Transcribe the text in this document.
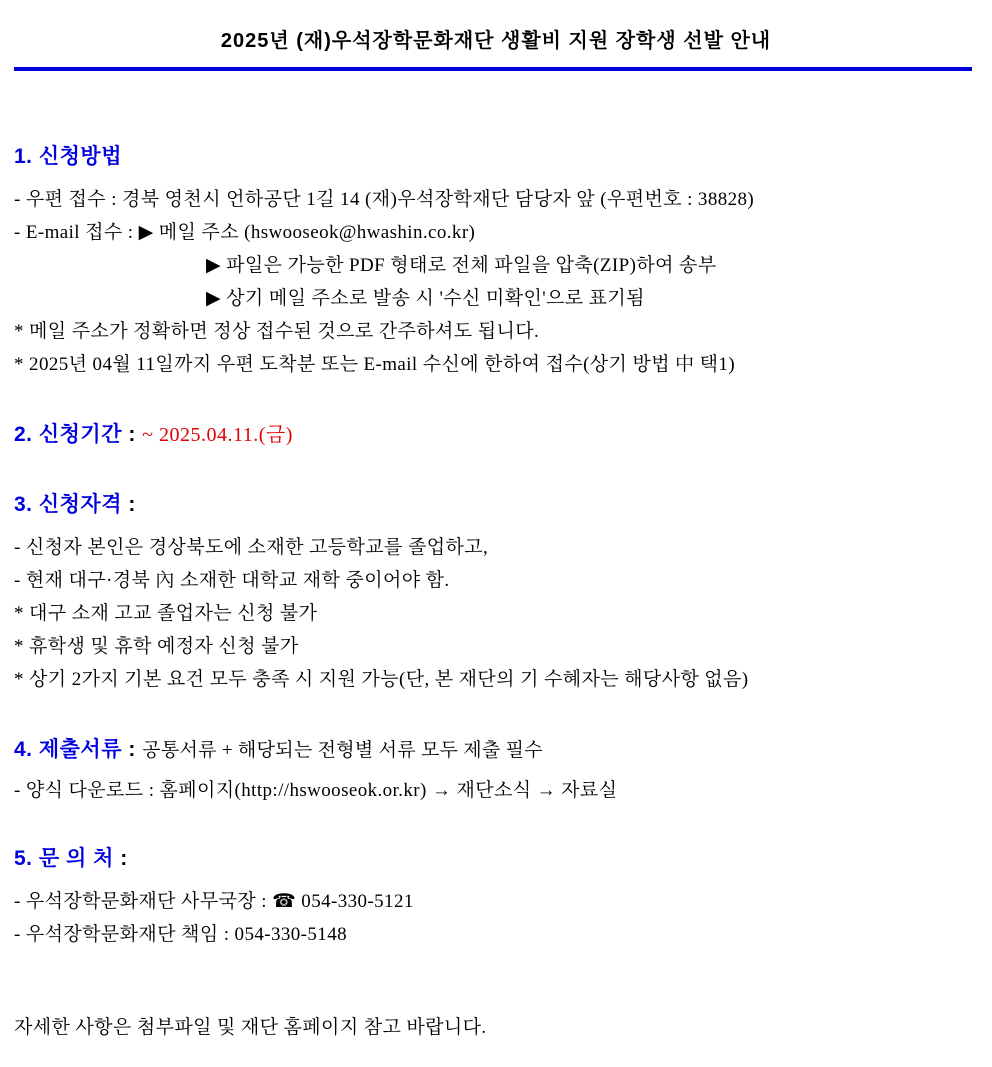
2025년 (재)우석장학문화재단 생활비 지원 장학생 선발 안내
1. 신청방법

- 우편 접수 : 경북 영천시 언하공단 1길 14 (재)우석장학재단 담당자 앞 (우편번호 : 38828)

- E-mail 접수 : ▶ 메일 주소 (hswooseok@hwashin.co.kr)

▶ 파일은 가능한 PDF 형태로 전체 파일을 압축(ZIP)하여 송부

▶ 상기 메일 주소로 발송 시 '수신 미확인'으로 표기됨

* 메일 주소가 정확하면 정상 접수된 것으로 간주하셔도 됩니다.

* 2025년 04월 11일까지 우편 도착분 또는 E-mail 수신에 한하여 접수(상기 방법 中 택1)

2. 신청기간 : ~ 2025.04.11.(금)
3. 신청자격 :

- 신청자 본인은 경상북도에 소재한 고등학교를 졸업하고,

- 현재 대구·경북 內 소재한 대학교 재학 중이어야 함.

* 대구 소재 고교 졸업자는 신청 불가

* 휴학생 및 휴학 예정자 신청 불가

* 상기 2가지 기본 요건 모두 충족 시 지원 가능(단, 본 재단의 기 수혜자는 해당사항 없음)

4. 제출서류 : 공통서류 + 해당되는 전형별 서류 모두 제출 필수

- 양식 다운로드 : 홈페이지(http://hswooseok.or.kr) → 재단소식 → 자료실

5. 문 의 처 :

- 우석장학문화재단 사무국장 : ☎ 054-330-5121

- 우석장학문화재단 책임 : 054-330-5148

자세한 사항은 첨부파일 및 재단 홈페이지 참고 바랍니다.
